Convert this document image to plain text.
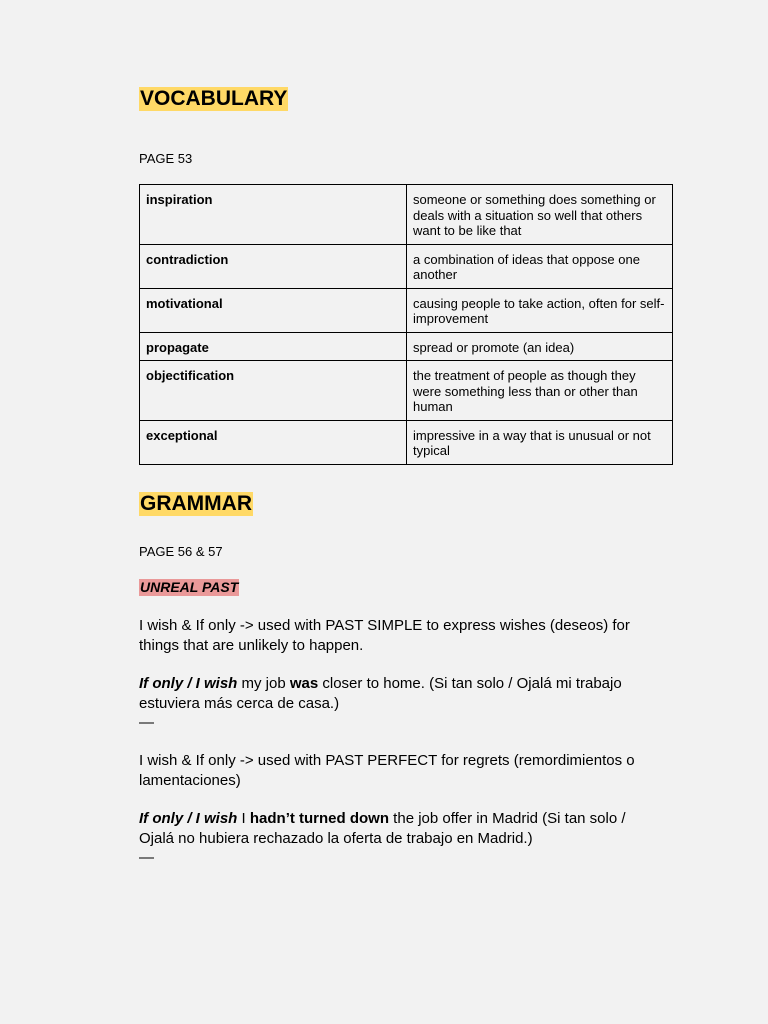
VOCABULARY
PAGE 53
inspiration	someone or something does something or deals with a situation so well that others want to be like that
contradiction	a combination of ideas that oppose one another
motivational	causing people to take action, often for self-improvement
propagate	spread or promote (an idea)
objectification	the treatment of people as though they were something less than or other than human
exceptional	impressive in a way that is unusual or not typical
GRAMMAR
PAGE 56 & 57
UNREAL PAST
I wish & If only -> used with PAST SIMPLE to express wishes (deseos) for things that are unlikely to happen.
If only / I wish my job was closer to home. (Si tan solo / Ojalá mi trabajo estuviera más cerca de casa.)
—
I wish & If only -> used with PAST PERFECT for regrets (remordimientos o lamentaciones)
If only / I wish I hadn’t turned down the job offer in Madrid (Si tan solo / Ojalá no hubiera rechazado la oferta de trabajo en Madrid.)
—
